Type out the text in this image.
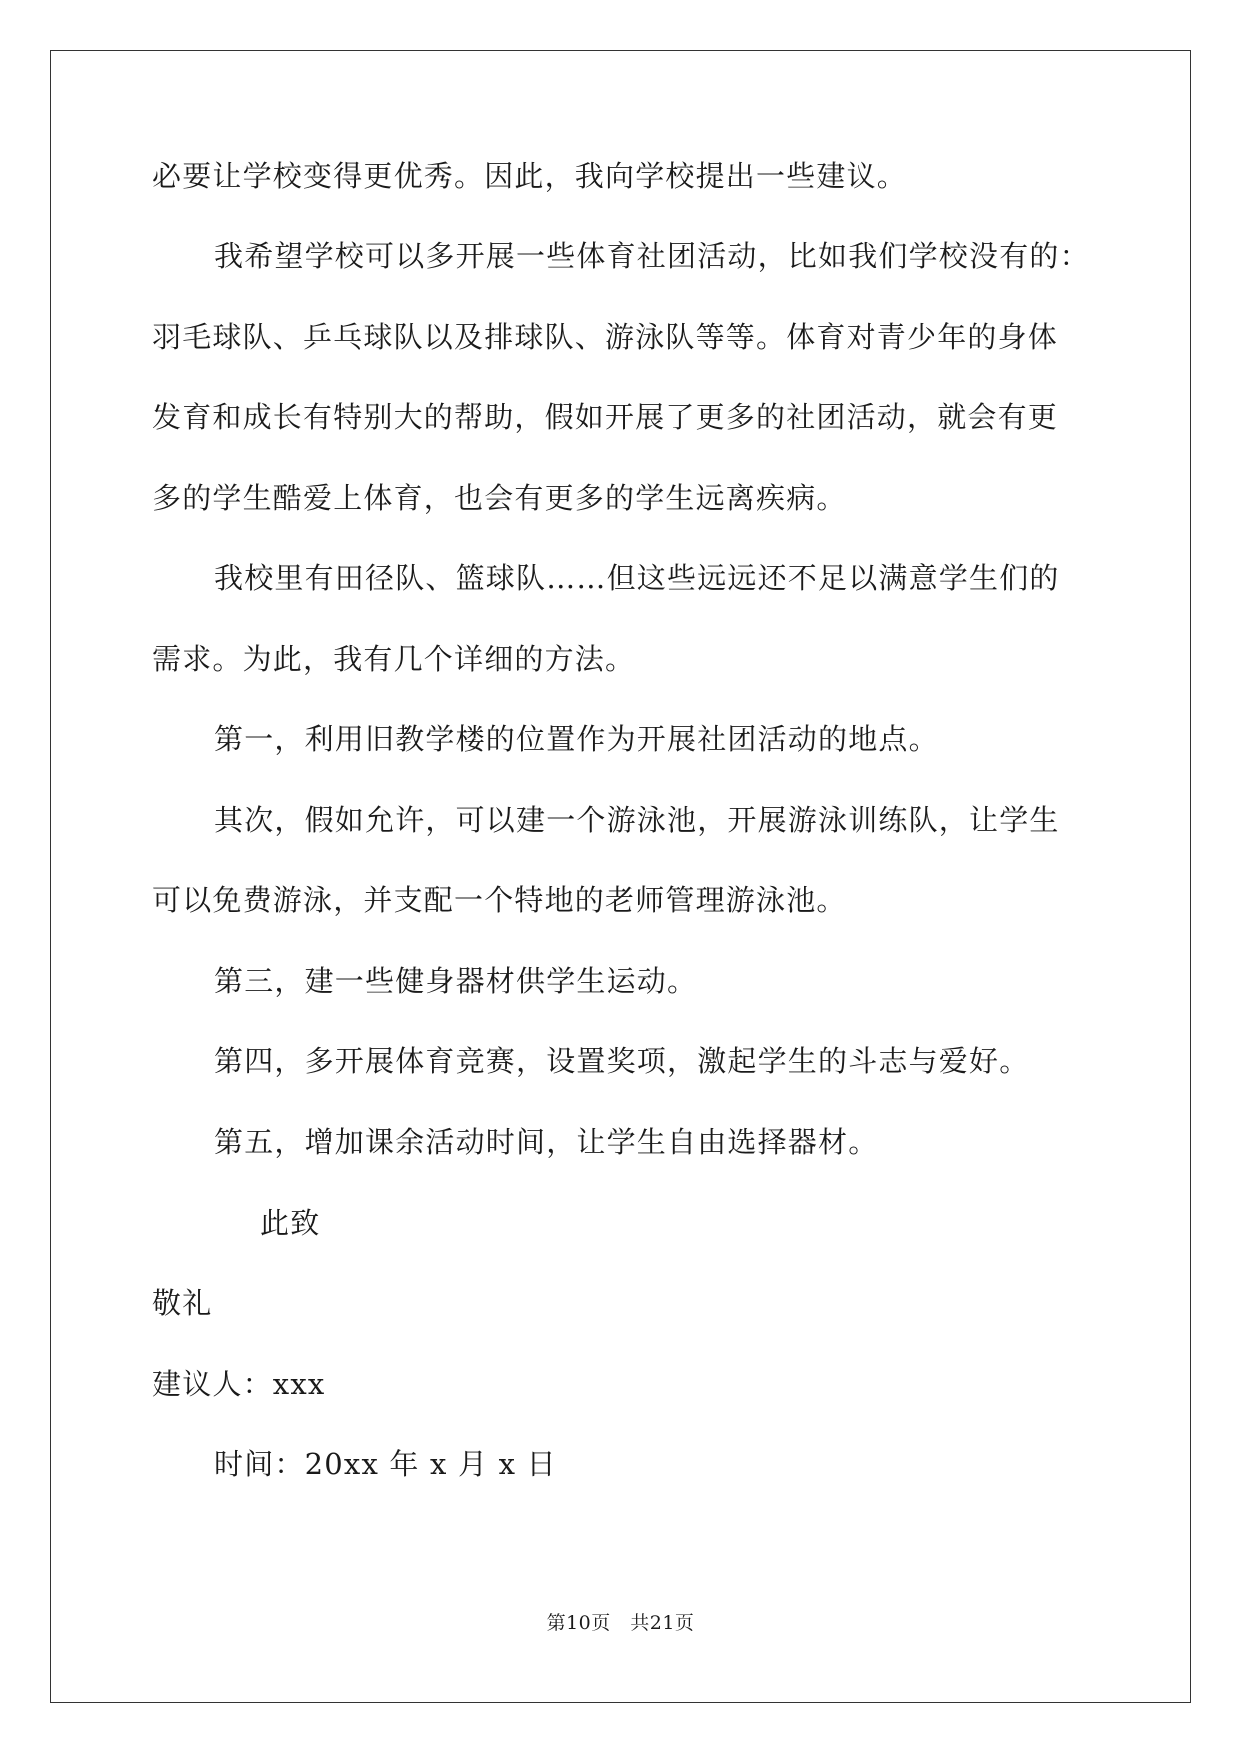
必要让学校变得更优秀。因此，我向学校提出一些建议。
我希望学校可以多开展一些体育社团活动，比如我们学校没有的：
羽毛球队、乒乓球队以及排球队、游泳队等等。体育对青少年的身体
发育和成长有特别大的帮助，假如开展了更多的社团活动，就会有更
多的学生酷爱上体育，也会有更多的学生远离疾病。
我校里有田径队、篮球队……但这些远远还不足以满意学生们的
需求。为此，我有几个详细的方法。
第一，利用旧教学楼的位置作为开展社团活动的地点。
其次，假如允许，可以建一个游泳池，开展游泳训练队，让学生
可以免费游泳，并支配一个特地的老师管理游泳池。
第三，建一些健身器材供学生运动。
第四，多开展体育竞赛，设置奖项，激起学生的斗志与爱好。
第五，增加课余活动时间，让学生自由选择器材。
此致
敬礼
建议人：xxx
时间：20xx 年 x 月 x 日
第10页　共21页
